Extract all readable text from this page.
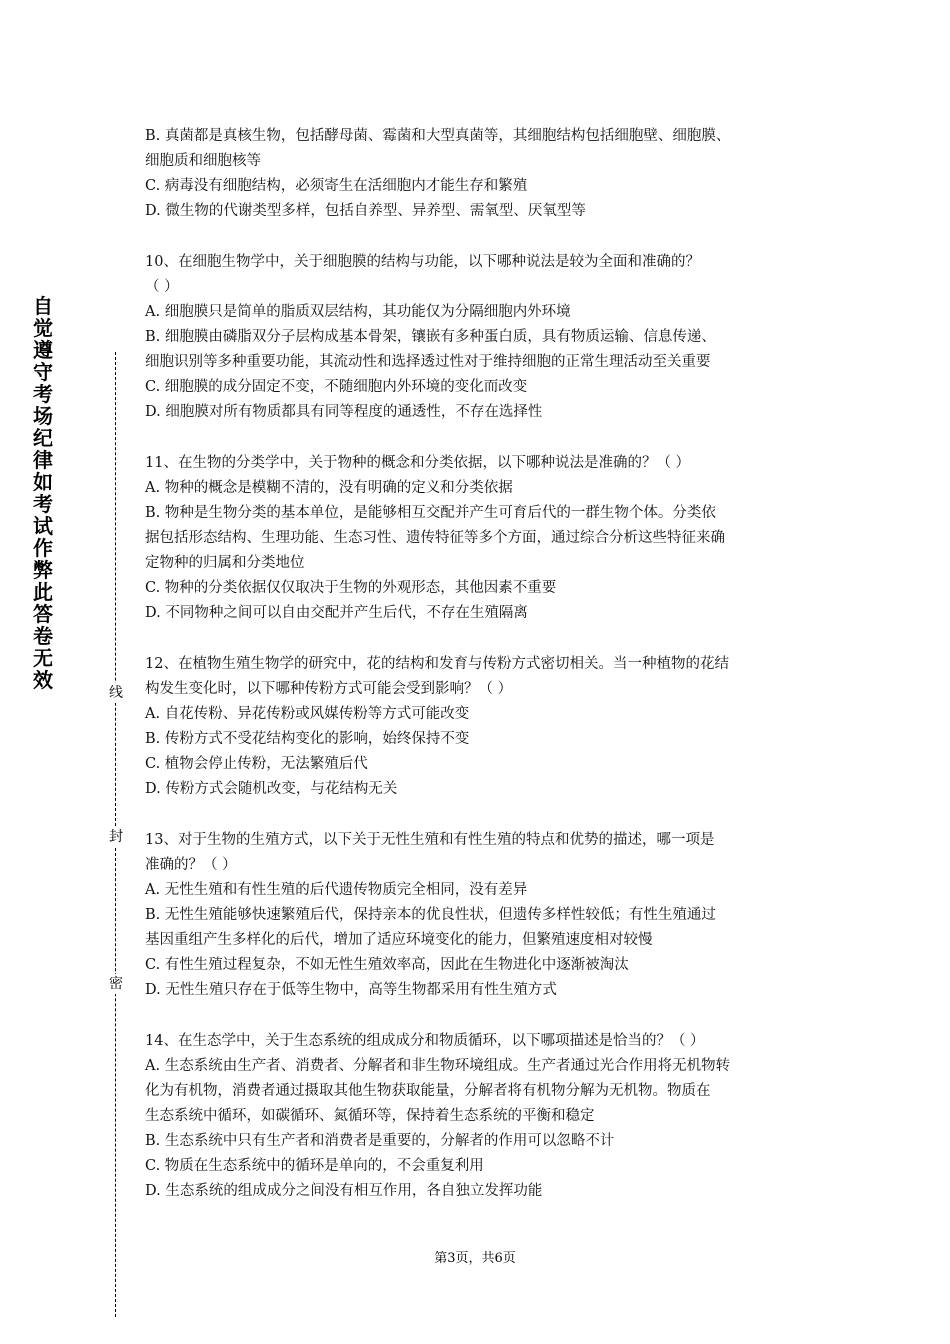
自
觉
遵
守
考
场
纪
律
如
考
试
作
弊
此
答
卷
无
效
线
封
密
B. 真菌都是真核生物，包括酵母菌、霉菌和大型真菌等，其细胞结构包括细胞壁、细胞膜、
细胞质和细胞核等
C. 病毒没有细胞结构，必须寄生在活细胞内才能生存和繁殖
D. 微生物的代谢类型多样，包括自养型、异养型、需氧型、厌氧型等
10、在细胞生物学中，关于细胞膜的结构与功能，以下哪种说法是较为全面和准确的？
（ ）
A. 细胞膜只是简单的脂质双层结构，其功能仅为分隔细胞内外环境
B. 细胞膜由磷脂双分子层构成基本骨架，镶嵌有多种蛋白质，具有物质运输、信息传递、
细胞识别等多种重要功能，其流动性和选择透过性对于维持细胞的正常生理活动至关重要
C. 细胞膜的成分固定不变，不随细胞内外环境的变化而改变
D. 细胞膜对所有物质都具有同等程度的通透性，不存在选择性
11、在生物的分类学中，关于物种的概念和分类依据，以下哪种说法是准确的？（ ）
A. 物种的概念是模糊不清的，没有明确的定义和分类依据
B. 物种是生物分类的基本单位，是能够相互交配并产生可育后代的一群生物个体。分类依
据包括形态结构、生理功能、生态习性、遗传特征等多个方面，通过综合分析这些特征来确
定物种的归属和分类地位
C. 物种的分类依据仅仅取决于生物的外观形态，其他因素不重要
D. 不同物种之间可以自由交配并产生后代，不存在生殖隔离
12、在植物生殖生物学的研究中，花的结构和发育与传粉方式密切相关。当一种植物的花结
构发生变化时，以下哪种传粉方式可能会受到影响？（ ）
A. 自花传粉、异花传粉或风媒传粉等方式可能改变
B. 传粉方式不受花结构变化的影响，始终保持不变
C. 植物会停止传粉，无法繁殖后代
D. 传粉方式会随机改变，与花结构无关
13、对于生物的生殖方式，以下关于无性生殖和有性生殖的特点和优势的描述，哪一项是
准确的？（ ）
A. 无性生殖和有性生殖的后代遗传物质完全相同，没有差异
B. 无性生殖能够快速繁殖后代，保持亲本的优良性状，但遗传多样性较低；有性生殖通过
基因重组产生多样化的后代，增加了适应环境变化的能力，但繁殖速度相对较慢
C. 有性生殖过程复杂，不如无性生殖效率高，因此在生物进化中逐渐被淘汰
D. 无性生殖只存在于低等生物中，高等生物都采用有性生殖方式
14、在生态学中，关于生态系统的组成成分和物质循环，以下哪项描述是恰当的？（ ）
A. 生态系统由生产者、消费者、分解者和非生物环境组成。生产者通过光合作用将无机物转
化为有机物，消费者通过摄取其他生物获取能量，分解者将有机物分解为无机物。物质在
生态系统中循环，如碳循环、氮循环等，保持着生态系统的平衡和稳定
B. 生态系统中只有生产者和消费者是重要的，分解者的作用可以忽略不计
C. 物质在生态系统中的循环是单向的，不会重复利用
D. 生态系统的组成成分之间没有相互作用，各自独立发挥功能
第3页，共6页
